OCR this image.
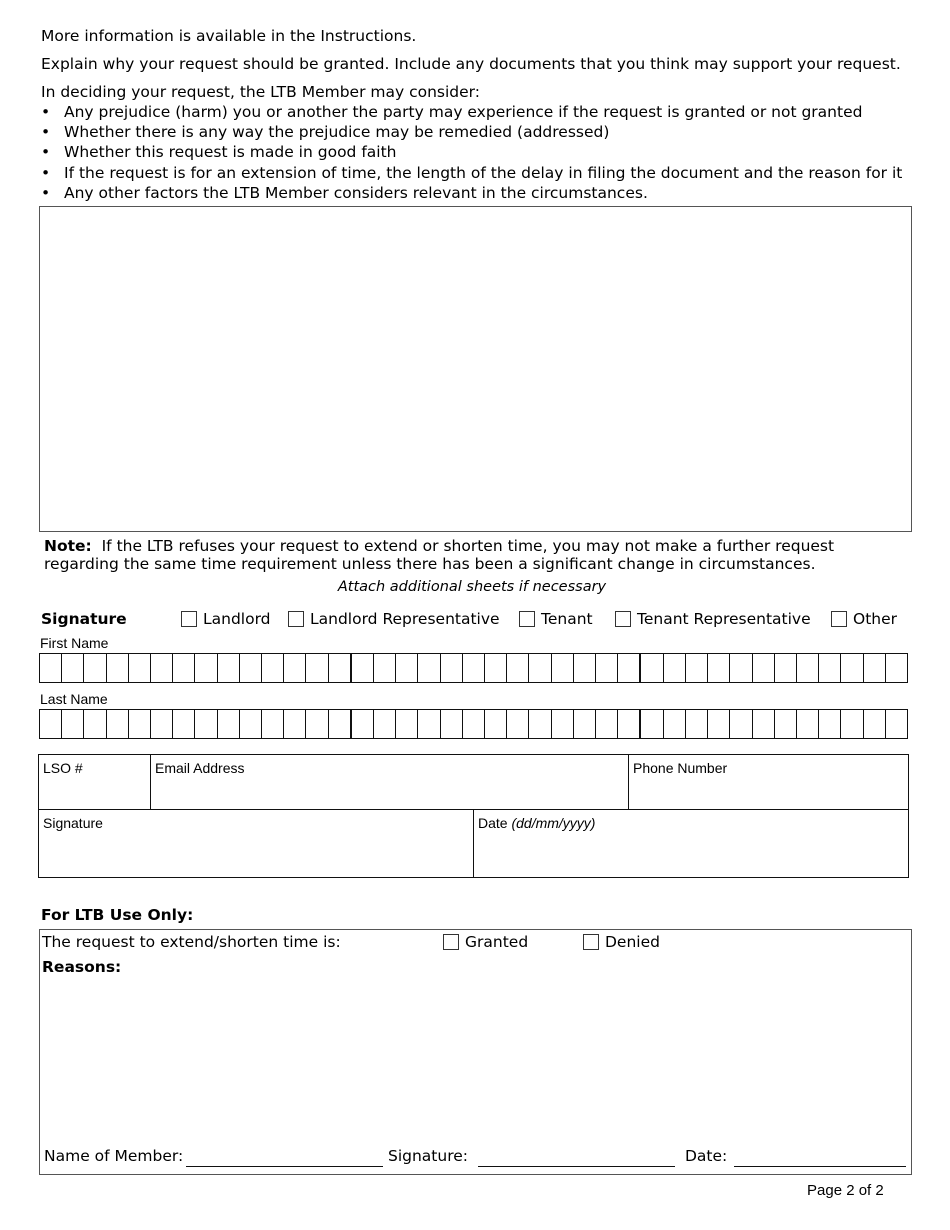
More information is available in the Instructions.
Explain why your request should be granted. Include any documents that you think may support your request.
In deciding your request, the LTB Member may consider:
• Any prejudice (harm) you or another the party may experience if the request is granted or not granted
• Whether there is any way the prejudice may be remedied (addressed)
• Whether this request is made in good faith
• If the request is for an extension of time, the length of the delay in filing the document and the reason for it
• Any other factors the LTB Member considers relevant in the circumstances.
Note: If the LTB refuses your request to extend or shorten time, you may not make a further request
regarding the same time requirement unless there has been a significant change in circumstances.
Attach additional sheets if necessary
Signature	Landlord	Landlord Representative	Tenant	Tenant Representative	Other
First Name
Last Name
LSO #	Email Address	Phone Number
Signature	Date (dd/mm/yyyy)
For LTB Use Only:
The request to extend/shorten time is:	Granted	Denied
Reasons:
Name of Member:	Signature:	Date:
Page 2 of 2
